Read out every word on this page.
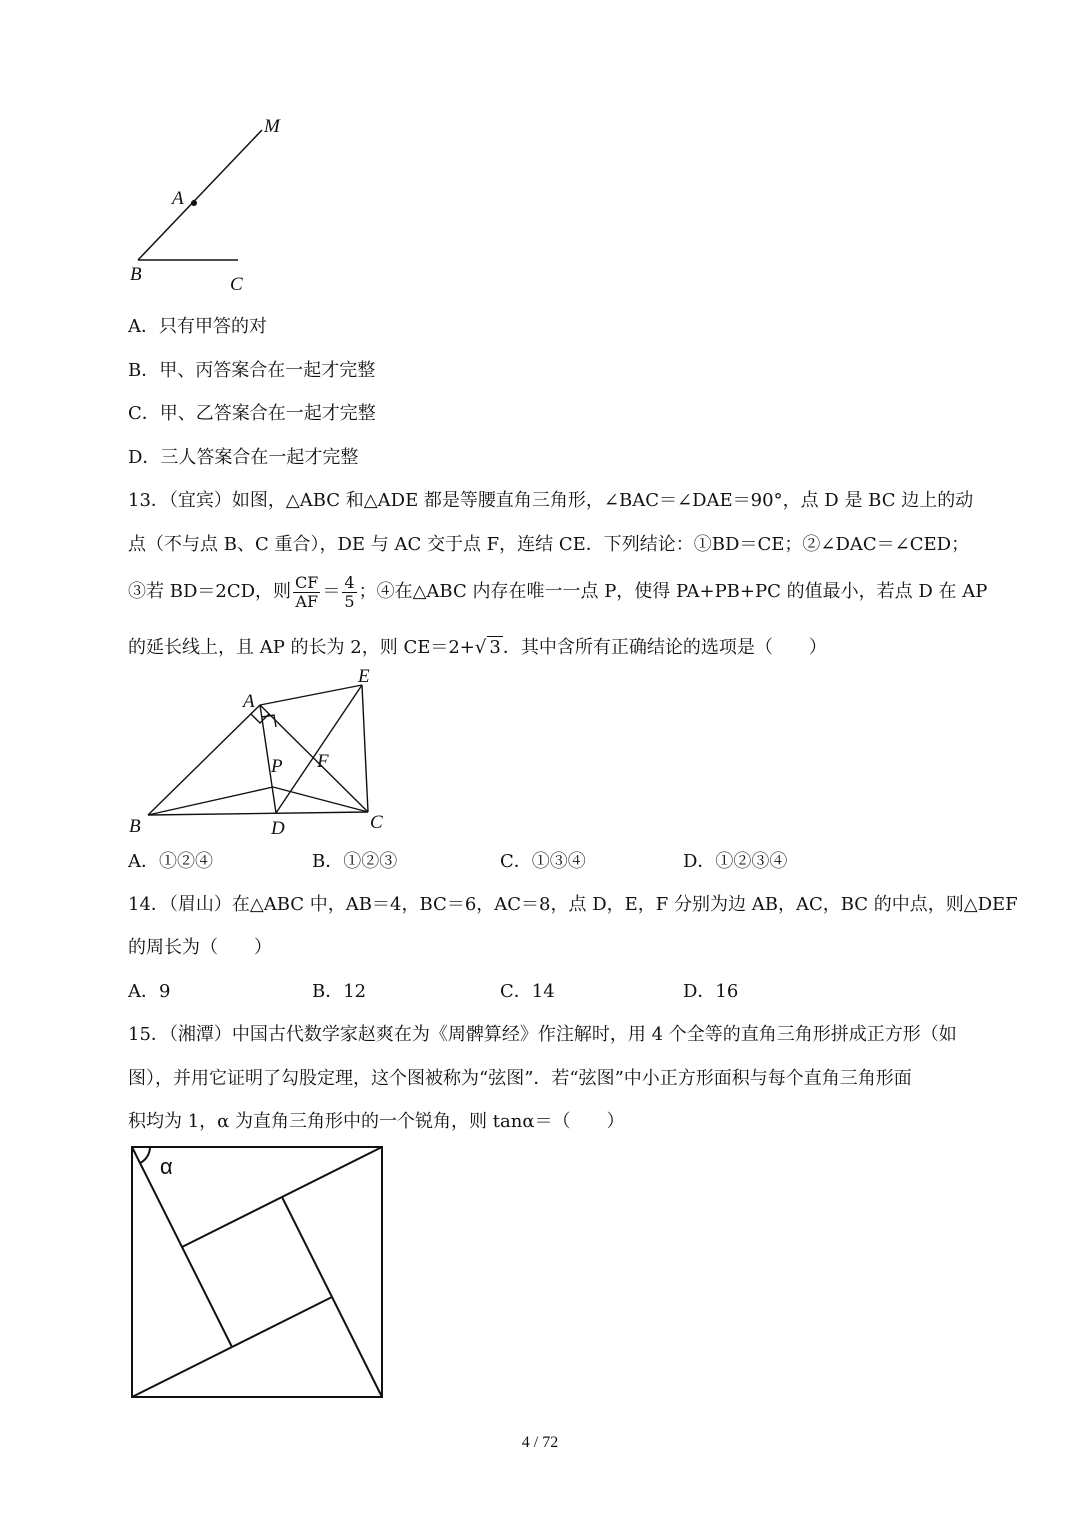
M
A
B	C
A．只有甲答的对
B．甲、丙答案合在一起才完整
C．甲、乙答案合在一起才完整
D．三人答案合在一起才完整
13．（宜宾）如图，△ABC 和△ADE 都是等腰直角三角形，∠BAC＝∠DAE＝90°，点 D 是 BC 边上的动
点（不与点 B、C 重合），DE 与 AC 交于点 F，连结 CE．下列结论：①BD＝CE；②∠DAC＝∠CED；
③若 BD＝2CD，则 $\frac{CF}{AF} = \frac{4}{5}$ ；④在△ABC 内存在唯一一点 P，使得 PA+PB+PC 的值最小，若点 D 在 AP
的延长线上，且 AP 的长为 2，则 CE＝2+√ 3 ．其中含所有正确结论的选项是（　　）
A
E
P F
B	D	C
A．①②④	B．①②③	C．①③④	D．①②③④
14．（眉山）在△ABC 中，AB＝4，BC＝6，AC＝8，点 D，E，F 分别为边 AB，AC，BC 的中点，则△DEF
的周长为（　　）
A．9	B．12	C．14	D．16
15．（湘潭）中国古代数学家赵爽在为《周髀算经》作注解时，用 4 个全等的直角三角形拼成正方形（如
图），并用它证明了勾股定理，这个图被称为“弦图”．若“弦图”中小正方形面积与每个直角三角形面
积均为 1，α 为直角三角形中的一个锐角，则 tanα＝（　　）
α
4 / 72
